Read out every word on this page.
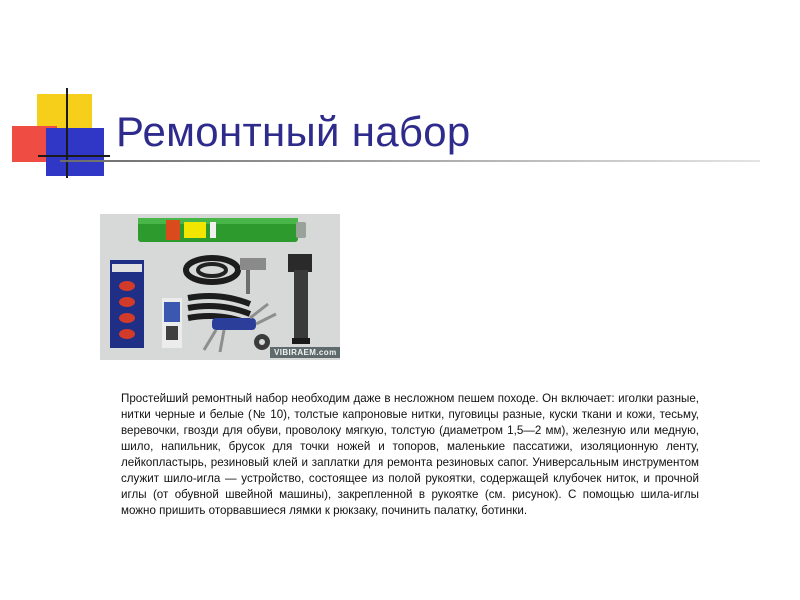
Ремонтный набор
VIBIRAEM.com

Простейший ремонтный набор необходим даже в несложном пешем походе. Он включает: иголки разные, нитки черные и белые (№ 10), толстые капроновые нитки, пуговицы разные, куски ткани и кожи, тесьму, веревочки, гвозди для обуви, проволоку мягкую, толстую (диаметром 1,5—2 мм), железную или медную, шило, напильник, брусок для точки ножей и топоров, маленькие пассатижи, изоляционную ленту, лейкопластырь, резиновый клей и заплатки для ремонта резиновых сапог. Универсальным инструментом служит шило-игла — устройство, состоящее из полой рукоятки, содержащей клубочек ниток, и прочной иглы (от обувной швейной машины), закрепленной в рукоятке (см. рисунок). С помощью шила-иглы можно пришить оторвавшиеся лямки к рюкзаку, починить палатку, ботинки.
